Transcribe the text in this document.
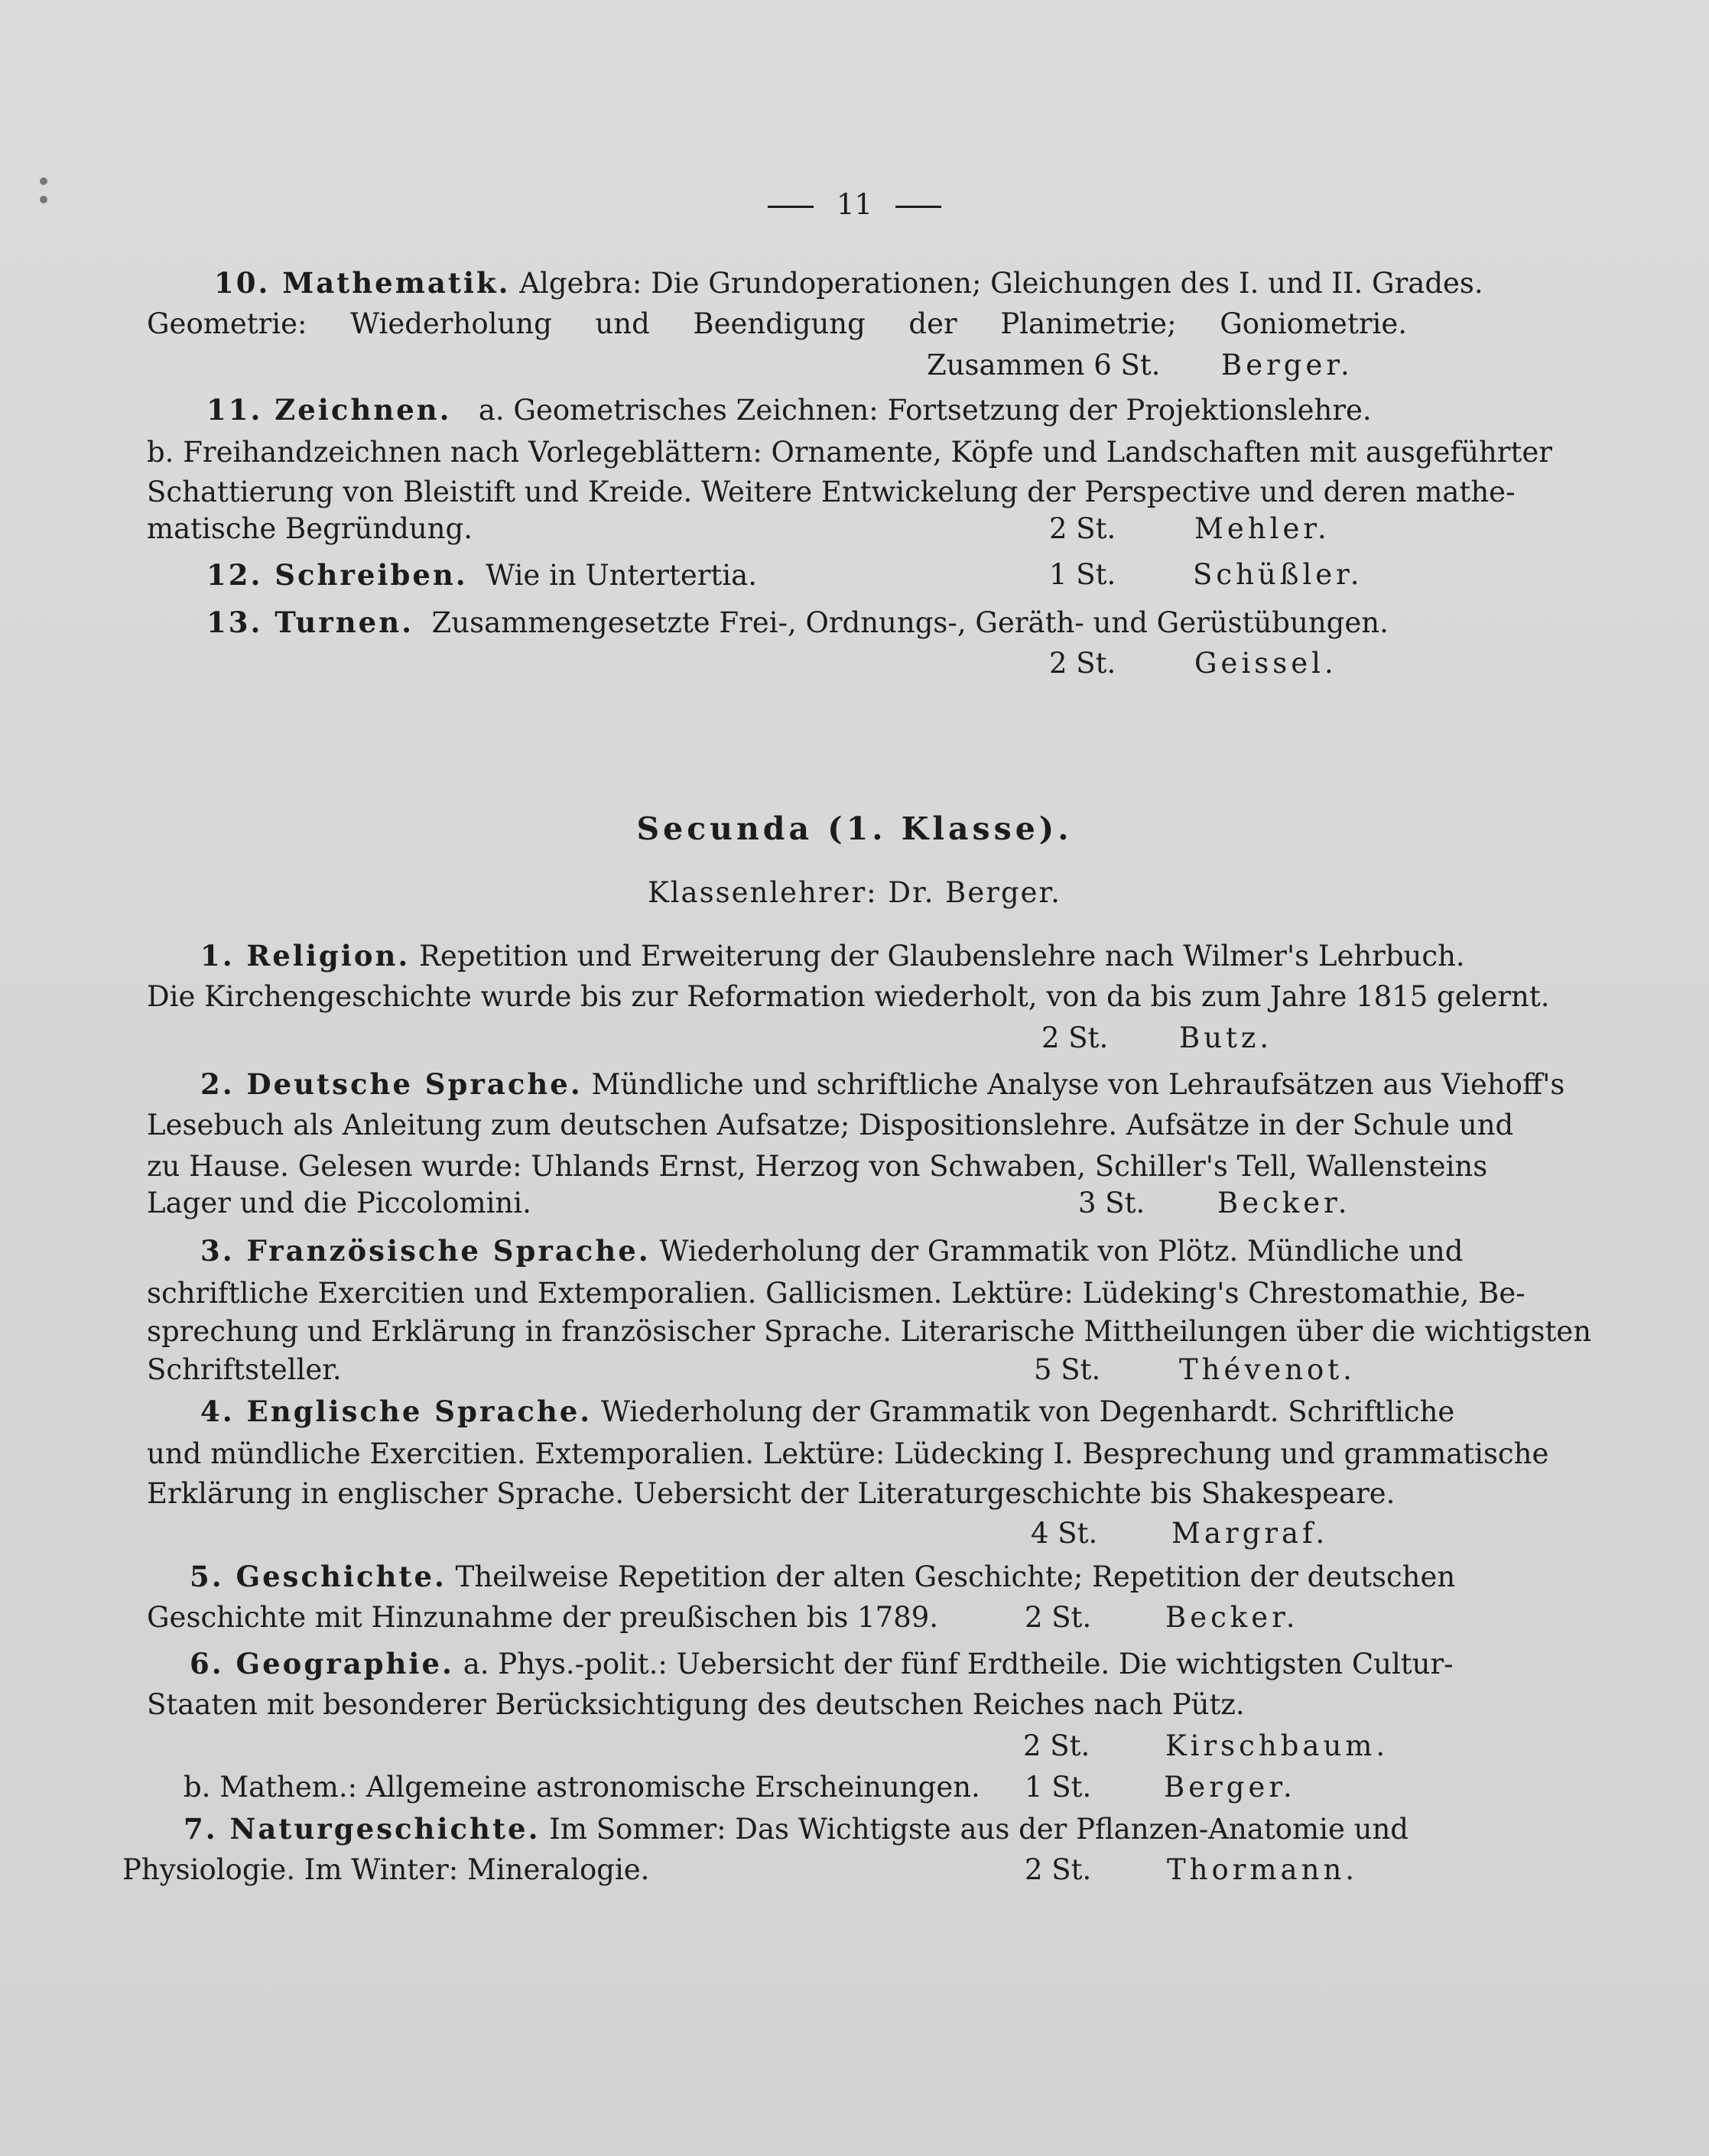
11

10. Mathematik. Algebra: Die Grundoperationen; Gleichungen des I. und II. Grades.

Geometrie: Wiederholung und Beendigung der Planimetrie; Goniometrie.

Zusammen 6 St. Berger.

11. Zeichnen. a. Geometrisches Zeichnen: Fortsetzung der Projektionslehre.

b. Freihandzeichnen nach Vorlegeblättern: Ornamente, Köpfe und Landschaften mit ausgeführter

Schattierung von Bleistift und Kreide. Weitere Entwickelung der Perspective und deren mathe-

matische Begründung.	2 St.	Mehler.

12. Schreiben. Wie in Untertertia.	1 St.	Schüßler.

13. Turnen. Zusammengesetzte Frei-, Ordnungs-, Geräth- und Gerüstübungen.

2 St.	Geissel.

Secunda (1. Klasse).

Klassenlehrer: Dr. Berger.

1. Religion. Repetition und Erweiterung der Glaubenslehre nach Wilmer's Lehrbuch.

Die Kirchengeschichte wurde bis zur Reformation wiederholt, von da bis zum Jahre 1815 gelernt.

2 St.	Butz.

2. Deutsche Sprache. Mündliche und schriftliche Analyse von Lehraufsätzen aus Viehoff's

Lesebuch als Anleitung zum deutschen Aufsatze; Dispositionslehre. Aufsätze in der Schule und

zu Hause. Gelesen wurde: Uhlands Ernst, Herzog von Schwaben, Schiller's Tell, Wallensteins

Lager und die Piccolomini.	3 St.	Becker.

3. Französische Sprache. Wiederholung der Grammatik von Plötz. Mündliche und

schriftliche Exercitien und Extemporalien. Gallicismen. Lektüre: Lüdeking's Chrestomathie, Be-

sprechung und Erklärung in französischer Sprache. Literarische Mittheilungen über die wichtigsten

Schriftsteller.	5 St.	Thévenot.

4. Englische Sprache. Wiederholung der Grammatik von Degenhardt. Schriftliche

und mündliche Exercitien. Extemporalien. Lektüre: Lüdecking I. Besprechung und grammatische

Erklärung in englischer Sprache. Uebersicht der Literaturgeschichte bis Shakespeare.

4 St.	Margraf.

5. Geschichte. Theilweise Repetition der alten Geschichte; Repetition der deutschen

Geschichte mit Hinzunahme der preußischen bis 1789.	2 St.	Becker.

6. Geographie. a. Phys.-polit.: Uebersicht der fünf Erdtheile. Die wichtigsten Cultur-

Staaten mit besonderer Berücksichtigung des deutschen Reiches nach Pütz.

2 St.	Kirschbaum.

b. Mathem.: Allgemeine astronomische Erscheinungen. 1 St.	Berger.

7. Naturgeschichte. Im Sommer: Das Wichtigste aus der Pflanzen-Anatomie und

Physiologie. Im Winter: Mineralogie.	2 St.	Thormann.
